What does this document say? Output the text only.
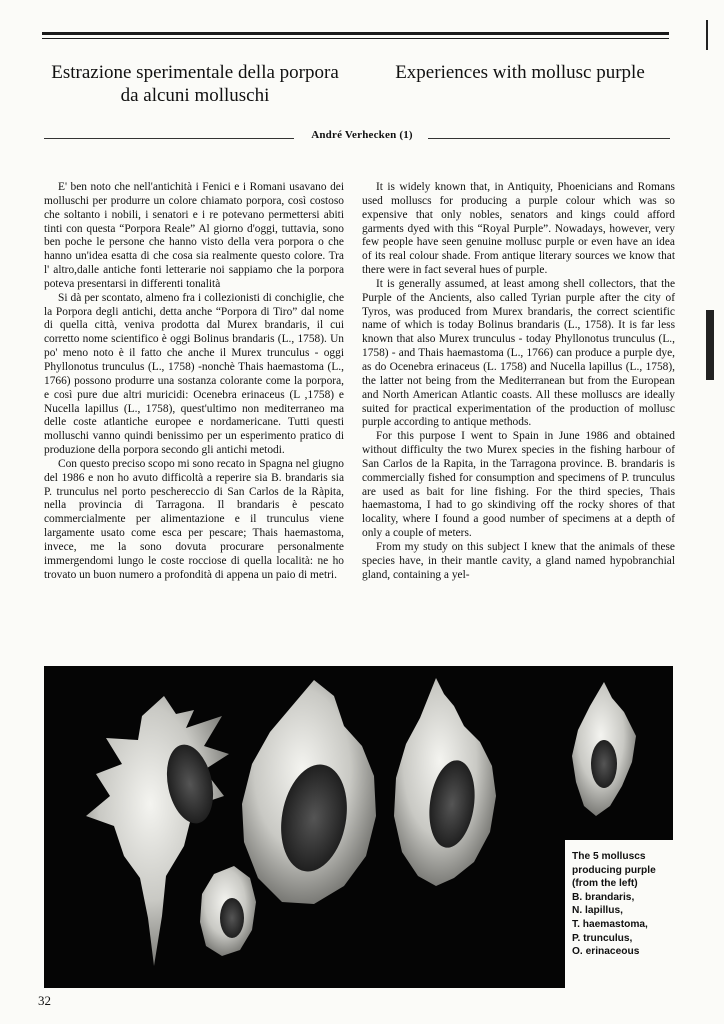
Estrazione sperimentale della porpora da alcuni molluschi
Experiences with mollusc purple
André Verhecken (1)

E' ben noto che nell'antichità i Fenici e i Romani usavano dei molluschi per produrre un colore chiamato porpora, così costoso che soltanto i nobili, i senatori e i re potevano permettersi abiti tinti con questa “Porpora Reale” Al giorno d'oggi, tuttavia, sono ben poche le persone che hanno visto della vera porpora o che hanno un'idea esatta di che cosa sia realmente questo colore. Tra l' altro,dalle antiche fonti letterarie noi sappiamo che la porpora poteva presentarsi in differenti tonalità

Si dà per scontato, almeno fra i collezionisti di conchiglie, che la Porpora degli antichi, detta anche “Porpora di Tiro” dal nome di quella città, veniva prodotta dal Murex brandaris, il cui corretto nome scientifico è oggi Bolinus brandaris (L., 1758). Un po' meno noto è il fatto che anche il Murex trunculus - oggi Phyllonotus trunculus (L., 1758) -nonchè Thais haemastoma (L., 1766) possono produrre una sostanza colorante come la porpora, e così pure due altri muricidi: Ocenebra erinaceus (L ,1758) e Nucella lapillus (L., 1758), quest'ultimo non mediterraneo ma delle coste atlantiche europee e nordamericane. Tutti questi molluschi vanno quindi benissimo per un esperimento pratico di produzione della porpora secondo gli antichi metodi.

Con questo preciso scopo mi sono recato in Spagna nel giugno del 1986 e non ho avuto difficoltà a reperire sia B. brandaris sia P. trunculus nel porto peschereccio di San Carlos de la Ràpita, nella provincia di Tarragona. Il brandaris è pescato commercialmente per alimentazione e il trunculus viene largamente usato come esca per pescare; Thais haemastoma, invece, me la sono dovuta procurare personalmente immergendomi lungo le coste rocciose di quella località: ne ho trovato un buon numero a profondità di appena un paio di metri.

It is widely known that, in Antiquity, Phoenicians and Romans used molluscs for producing a purple colour which was so expensive that only nobles, senators and kings could afford garments dyed with this “Royal Purple”. Nowadays, however, very few people have seen genuine mollusc purple or even have an idea of its real colour shade. From antique literary sources we know that there were in fact several hues of purple.

It is generally assumed, at least among shell collectors, that the Purple of the Ancients, also called Tyrian purple after the city of Tyros, was produced from Murex brandaris, the correct scientific name of which is today Bolinus brandaris (L., 1758). It is far less known that also Murex trunculus - today Phyllonotus trunculus (L., 1758) - and Thais haemastoma (L., 1766) can produce a purple dye, as do Ocenebra erinaceus (L. 1758) and Nucella lapillus (L., 1758), the latter not being from the Mediterranean but from the European and North American Atlantic coasts. All these molluscs are ideally suited for practical experimentation of the production of mollusc purple according to antique methods.

For this purpose I went to Spain in June 1986 and obtained without difficulty the two Murex species in the fishing harbour of San Carlos de la Rapita, in the Tarragona province. B. brandaris is commercially fished for consumption and specimens of P. trunculus are used as bait for line fishing. For the third species, Thais haemastoma, I had to go skindiving off the rocky shores of that locality, where I found a good number of specimens at a depth of only a couple of meters.

From my study on this subject I knew that the animals of these species have, in their mantle cavity, a gland named hypobranchial gland, containing a yel-

The 5 molluscs
producing purple
(from the left)
B. brandaris,
N. lapillus,
T. haemastoma,
P. trunculus,
O. erinaceous
32
